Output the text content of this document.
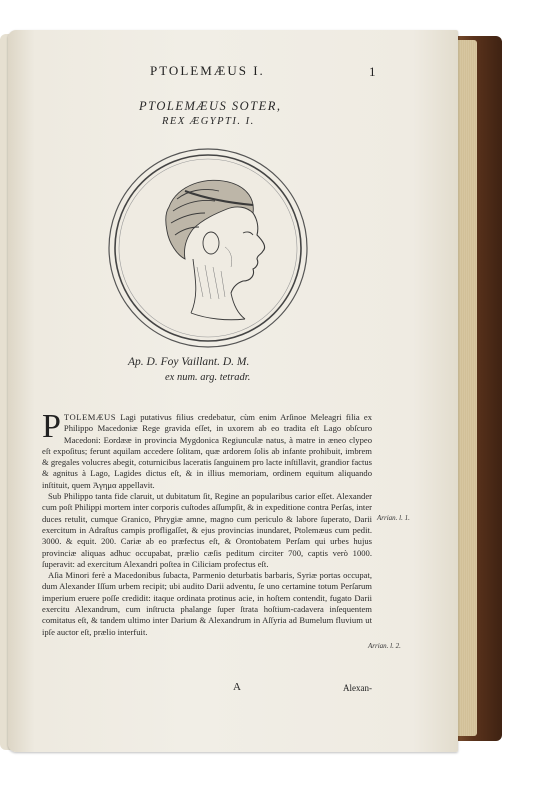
PTOLEMÆUS I.	1
PTOLEMÆUS SOTER,
REX ÆGYPTI. I.
Ap. D. Foy Vaillant. D. M.
ex num. arg. tetradr.

PTOLEMÆUS Lagi putativus filius credebatur, cùm enim Arſinoe Meleagri filia ex Philippo Macedoniæ Rege gravida eſſet, in uxorem ab eo tradita eſt Lago obſcuro Macedoni: Eordææ in provincia Mygdonica Regiunculæ natus, à matre in æneo clypeo eſt expoſitus; ferunt aquilam accedere ſolitam, quæ ardorem ſolis ab infante prohibuit, imbrem & gregales volucres abegit, coturnicibus laceratis ſanguinem pro lacte inſtillavit, grandior factus & agnitus à Lago, Lagides dictus eſt, & in illius memoriam, ordinem equitum aliquando inſtituit, quem Ἀγημα appellavit.

Sub Philippo tanta fide claruit, ut dubitatum ſit, Regine an popularibus carior eſſet. Alexander cum poſt Philippi mortem inter corporis cuſtodes aſſumpſit, & in expeditione contra Perſas, inter duces retulit, cumque Granico, Phrygiæ amne, magno cum periculo & labore ſuperato, Darii exercitum in Adraſtus campis profligaſſet, & ejus provincias inundaret, Ptolemæus cum pedit. 3000. & equit. 200. Cariæ ab eo præfectus eſt, & Orontobatem Perſam qui urbes hujus provinciæ aliquas adhuc occupabat, prælio cæſis peditum circiter 700, captis verò 1000. ſuperavit: ad exercitum Alexandri poſtea in Ciliciam profectus eſt.

Aſia Minori ferè a Macedonibus ſubacta, Parmenio deturbatis barbaris, Syriæ portas occupat, dum Alexander Iſſum urbem recipit; ubi audito Darii adventu, ſe uno certamine totum Perſarum imperium eruere poſſe credidit: itaque ordinata protinus acie, in hoſtem contendit, fugato Darii exercitu Alexandrum, cum inſtructa phalange ſuper ſtrata hoſtium-cadavera inſequentem comitatus eſt, & tandem ultimo inter Darium & Alexandrum in Aſſyria ad Bumelum fluvium ut ipſe auctor eſt, prælio interfuit.

Arrian. l. 1.
Arrian. l. 2.
A	Alexan-
